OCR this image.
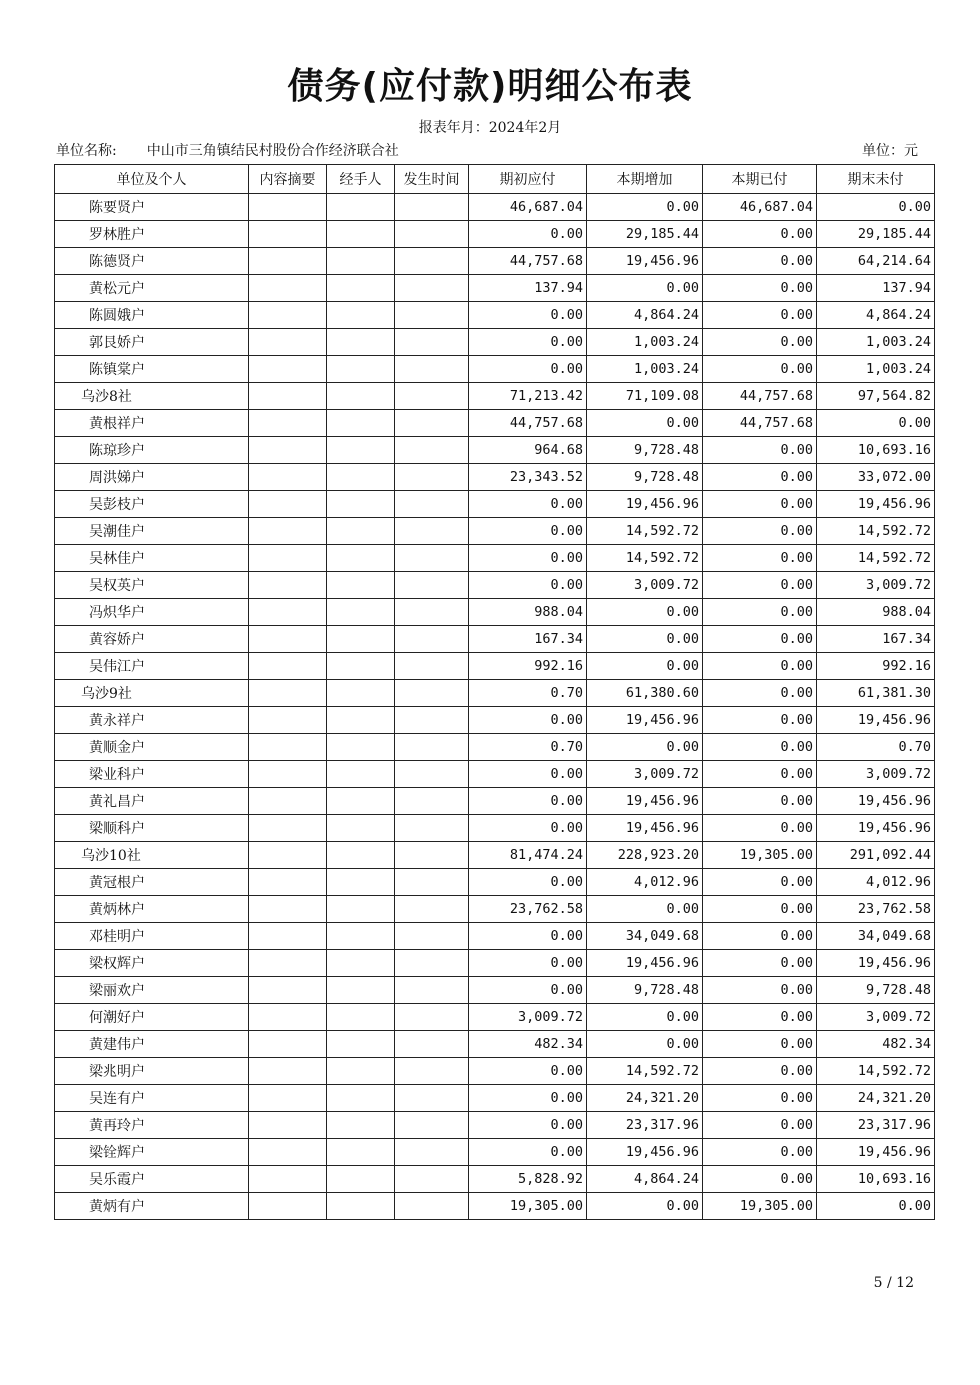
债务(应付款)明细公布表
报表年月：2024年2月
单位名称: 中山市三角镇结民村股份合作经济联合社	单位：元
单位及个人	内容摘要	经手人	发生时间	期初应付	本期增加	本期已付	期末未付
陈要贤户				46,687.04	0.00	46,687.04	0.00
罗林胜户				0.00	29,185.44	0.00	29,185.44
陈德贤户				44,757.68	19,456.96	0.00	64,214.64
黄松元户				137.94	0.00	0.00	137.94
陈圆娥户				0.00	4,864.24	0.00	4,864.24
郭艮娇户				0.00	1,003.24	0.00	1,003.24
陈镇棠户				0.00	1,003.24	0.00	1,003.24
乌沙8社				71,213.42	71,109.08	44,757.68	97,564.82
黄根祥户				44,757.68	0.00	44,757.68	0.00
陈琼珍户				964.68	9,728.48	0.00	10,693.16
周洪娣户				23,343.52	9,728.48	0.00	33,072.00
吴彭枝户				0.00	19,456.96	0.00	19,456.96
吴潮佳户				0.00	14,592.72	0.00	14,592.72
吴林佳户				0.00	14,592.72	0.00	14,592.72
吴权英户				0.00	3,009.72	0.00	3,009.72
冯炽华户				988.04	0.00	0.00	988.04
黄容娇户				167.34	0.00	0.00	167.34
吴伟江户				992.16	0.00	0.00	992.16
乌沙9社				0.70	61,380.60	0.00	61,381.30
黄永祥户				0.00	19,456.96	0.00	19,456.96
黄顺金户				0.70	0.00	0.00	0.70
梁业科户				0.00	3,009.72	0.00	3,009.72
黄礼昌户				0.00	19,456.96	0.00	19,456.96
梁顺科户				0.00	19,456.96	0.00	19,456.96
乌沙10社				81,474.24	228,923.20	19,305.00	291,092.44
黄冠根户				0.00	4,012.96	0.00	4,012.96
黄炳林户				23,762.58	0.00	0.00	23,762.58
邓桂明户				0.00	34,049.68	0.00	34,049.68
梁权辉户				0.00	19,456.96	0.00	19,456.96
梁丽欢户				0.00	9,728.48	0.00	9,728.48
何潮好户				3,009.72	0.00	0.00	3,009.72
黄建伟户				482.34	0.00	0.00	482.34
梁兆明户				0.00	14,592.72	0.00	14,592.72
吴连有户				0.00	24,321.20	0.00	24,321.20
黄再玲户				0.00	23,317.96	0.00	23,317.96
梁铨辉户				0.00	19,456.96	0.00	19,456.96
吴乐霞户				5,828.92	4,864.24	0.00	10,693.16
黄炳有户				19,305.00	0.00	19,305.00	0.00
5 / 12
